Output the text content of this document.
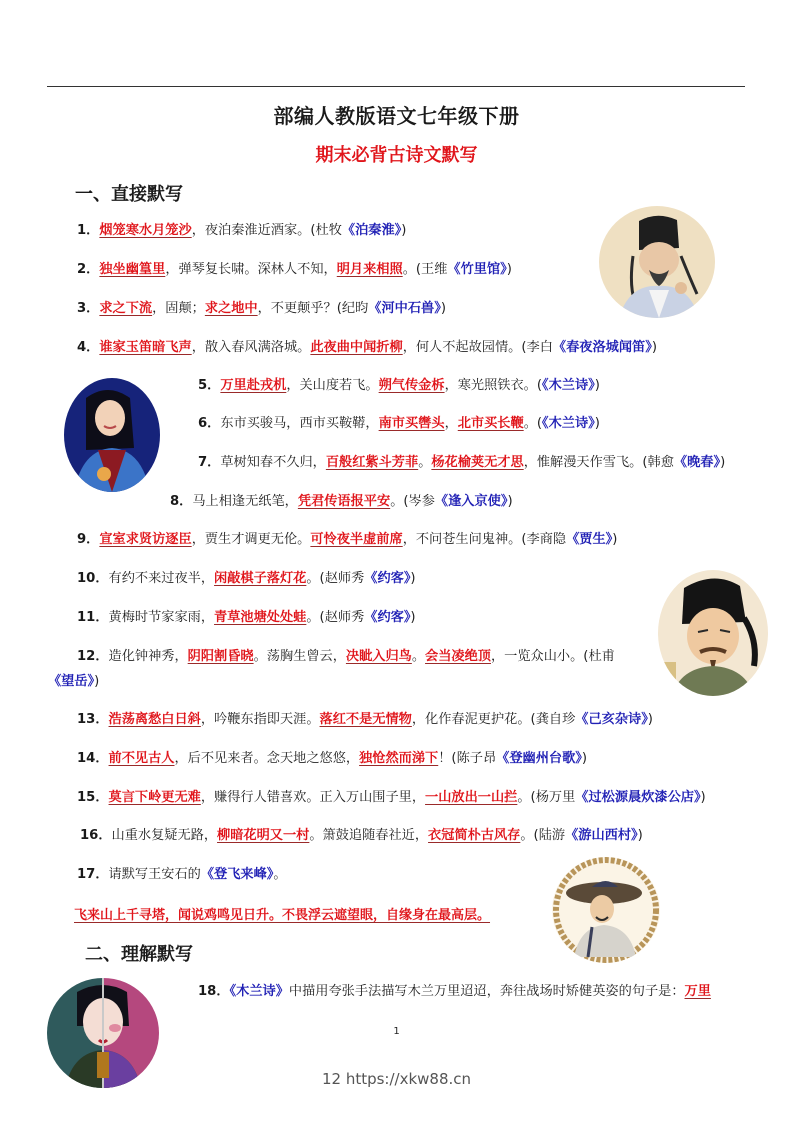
部编人教版语文七年级下册
期末必背古诗文默写
一、直接默写
1．烟笼寒水月笼沙，夜泊秦淮近酒家。(杜牧《泊秦淮》)
2．独坐幽篁里，弹琴复长啸。深林人不知，明月来相照。(王维《竹里馆》)
3．求之下流，固颠；求之地中，不更颠乎？(纪昀《河中石兽》)
4．谁家玉笛暗飞声，散入春风满洛城。此夜曲中闻折柳，何人不起故园情。(李白《春夜洛城闻笛》)
5．万里赴戎机，关山度若飞。朔气传金柝，寒光照铁衣。(《木兰诗》)
6．东市买骏马，西市买鞍鞯，南市买辔头，北市买长鞭。(《木兰诗》)
7．草树知春不久归，百般红紫斗芳菲。杨花榆荚无才思，惟解漫天作雪飞。(韩愈《晚春》)
8．马上相逢无纸笔，凭君传语报平安。(岑参《逢入京使》)
9．宣室求贤访逐臣，贾生才调更无伦。可怜夜半虚前席，不问苍生问鬼神。(李商隐《贾生》)
10．有约不来过夜半，闲敲棋子落灯花。(赵师秀《约客》)
11．黄梅时节家家雨，青草池塘处处蛙。(赵师秀《约客》)
12．造化钟神秀，阴阳割昏晓。荡胸生曾云，决眦入归鸟。会当凌绝顶，一览众山小。(杜甫
《望岳》)
13．浩荡离愁白日斜，吟鞭东指即天涯。落红不是无情物，化作春泥更护花。(龚自珍《己亥杂诗》)
14．前不见古人，后不见来者。念天地之悠悠，独怆然而涕下！(陈子昂《登幽州台歌》)
15．莫言下岭更无难，赚得行人错喜欢。正入万山围子里，一山放出一山拦。(杨万里《过松源晨炊漆公店》)
16．山重水复疑无路，柳暗花明又一村。箫鼓追随春社近，衣冠简朴古风存。(陆游《游山西村》)
17．请默写王安石的《登飞来峰》。
飞来山上千寻塔，闻说鸡鸣见日升。不畏浮云遮望眼，自缘身在最高层。
二、理解默写
18．《木兰诗》中描用夸张手法描写木兰万里迢迢，奔往战场时矫健英姿的句子是：万里
1
12 https://xkw88.cn
